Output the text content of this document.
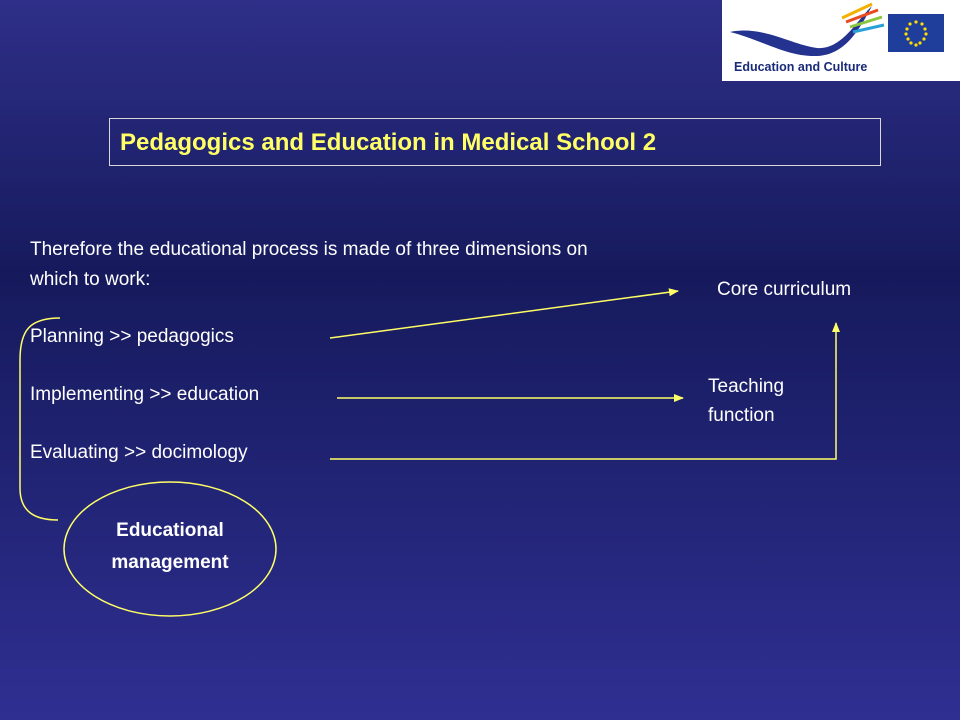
Education and Culture
Pedagogics and Education in Medical School 2
Therefore the educational process is made of three dimensions on which to work:
Planning >> pedagogics
Implementing >> education
Evaluating >> docimology
Core curriculum
Teaching
function
Educational
management
